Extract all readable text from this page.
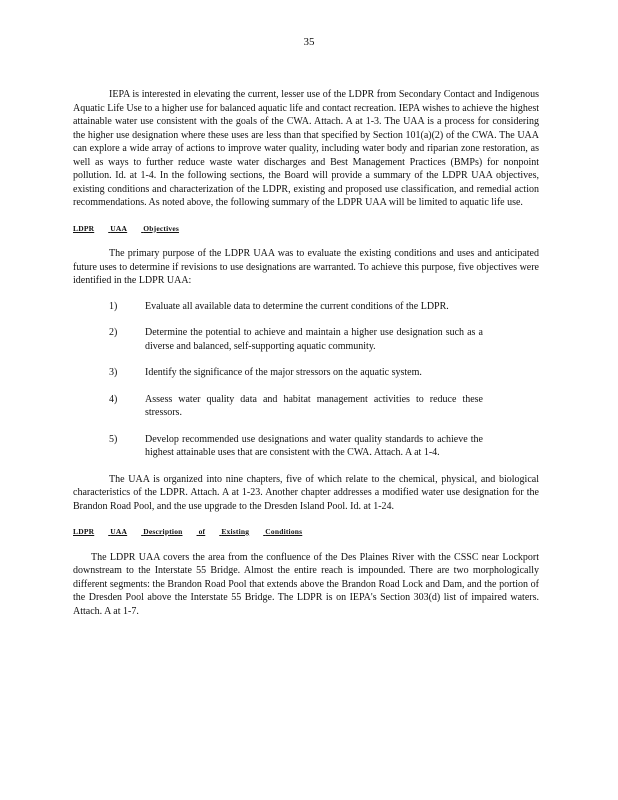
35

IEPA is interested in elevating the current, lesser use of the LDPR from Secondary Contact and Indigenous Aquatic Life Use to a higher use for balanced aquatic life and contact recreation. IEPA wishes to achieve the highest attainable water use consistent with the goals of the CWA. Attach. A at 1-3. The UAA is a process for considering the higher use designation where these uses are less than that specified by Section 101(a)(2) of the CWA. The UAA can explore a wide array of actions to improve water quality, including water body and riparian zone restoration, as well as ways to further reduce waste water discharges and Best Management Practices (BMPs) for nonpoint pollution. Id. at 1-4. In the following sections, the Board will provide a summary of the LDPR UAA objectives, existing conditions and characterization of the LDPR, existing and proposed use classification, and remedial action recommendations. As noted above, the following summary of the LDPR UAA will be limited to aquatic life use.

LDPR UAA Objectives

The primary purpose of the LDPR UAA was to evaluate the existing conditions and uses and anticipated future uses to determine if revisions to use designations are warranted. To achieve this purpose, five objectives were identified in the LDPR UAA:

1)	Evaluate all available data to determine the current conditions of the LDPR.
2)	Determine the potential to achieve and maintain a higher use designation such as a diverse and balanced, self-supporting aquatic community.
3)	Identify the significance of the major stressors on the aquatic system.
4)	Assess water quality data and habitat management activities to reduce these stressors.
5)	Develop recommended use designations and water quality standards to achieve the highest attainable uses that are consistent with the CWA. Attach. A at 1-4.

The UAA is organized into nine chapters, five of which relate to the chemical, physical, and biological characteristics of the LDPR. Attach. A at 1-23. Another chapter addresses a modified water use designation for the Brandon Road Pool, and the use upgrade to the Dresden Island Pool. Id. at 1-24.

LDPR UAA Description of Existing Conditions

The LDPR UAA covers the area from the confluence of the Des Plaines River with the CSSC near Lockport downstream to the Interstate 55 Bridge. Almost the entire reach is impounded. There are two morphologically different segments: the Brandon Road Pool that extends above the Brandon Road Lock and Dam, and the portion of the Dresden Pool above the Interstate 55 Bridge. The LDPR is on IEPA's Section 303(d) list of impaired waters. Attach. A at 1-7.
